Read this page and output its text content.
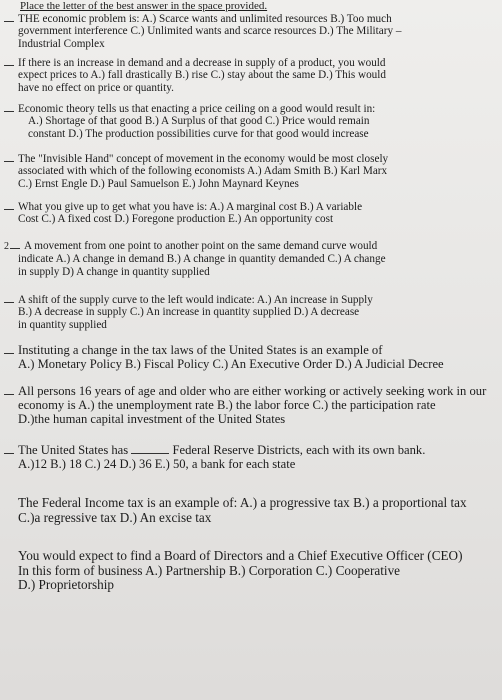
Place the letter of the best answer in the space provided.
THE economic problem is: A.) Scarce wants and unlimited resources B.) Too much
government interference C.) Unlimited wants and scarce resources D.) The Military –
Industrial Complex
If there is an increase in demand and a decrease in supply of a product, you would
expect prices to A.) fall drastically B.) rise C.) stay about the same D.) This would
have no effect on price or quantity.
Economic theory tells us that enacting a price ceiling on a good would result in:
A.) Shortage of that good B.) A Surplus of that good C.) Price would remain
constant D.) The production possibilities curve for that good would increase
The "Invisible Hand" concept of movement in the economy would be most closely
associated with which of the following economists A.) Adam Smith B.) Karl Marx
C.) Ernst Engle D.) Paul Samuelson E.) John Maynard Keynes
What you give up to get what you have is: A.) A marginal cost B.) A variable
Cost C.) A fixed cost D.) Foregone production E.) An opportunity cost
2 A movement from one point to another point on the same demand curve would
indicate A.) A change in demand B.) A change in quantity demanded C.) A change
in supply D) A change in quantity supplied
A shift of the supply curve to the left would indicate: A.) An increase in Supply
B.) A decrease in supply C.) An increase in quantity supplied D.) A decrease
in quantity supplied
Instituting a change in the tax laws of the United States is an example of
A.) Monetary Policy B.) Fiscal Policy C.) An Executive Order D.) A Judicial Decree
All persons 16 years of age and older who are either working or actively seeking work in our
economy is A.) the unemployment rate B.) the labor force C.) the participation rate
D.)the human capital investment of the United States
The United States has	Federal Reserve Districts, each with its own bank.
A.)12 B.) 18 C.) 24 D.) 36 E.) 50, a bank for each state
The Federal Income tax is an example of: A.) a progressive tax B.) a proportional tax
C.)a regressive tax D.) An excise tax
You would expect to find a Board of Directors and a Chief Executive Officer (CEO)
In this form of business A.) Partnership B.) Corporation C.) Cooperative
D.) Proprietorship
